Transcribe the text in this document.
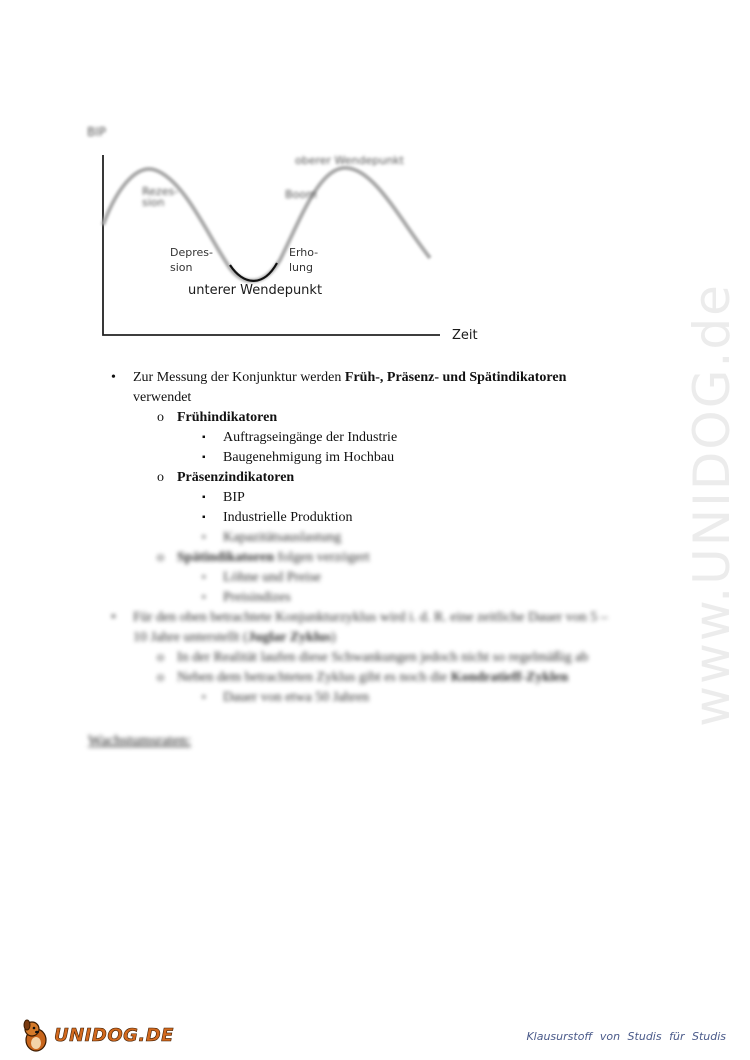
BIP
oberer Wendepunkt
Rezes-
sion
Boom
Depres-
sion
Erho-
lung
unterer Wendepunkt
Zeit
• Zur Messung der Konjunktur werden Früh-, Präsenz- und Spätindikatoren
verwendet
o Frühindikatoren
▪ Auftragseingänge der Industrie
▪ Baugenehmigung im Hochbau
o Präsenzindikatoren
▪ BIP
▪ Industrielle Produktion
▪ Kapazitätsauslastung
o Spätindikatoren folgen verzögert
▪ Löhne und Preise
▪ Preisindizes
• Für den oben betrachtete Konjunkturzyklus wird i. d. R. eine zeitliche Dauer von 5 –
10 Jahre unterstellt (Juglar Zyklus)
o In der Realität laufen diese Schwankungen jedoch nicht so regelmäßig ab
o Neben dem betrachteten Zyklus gibt es noch die Kondratieff-Zyklen
▪ Dauer von etwa 50 Jahren
Wachstumsraten:
www.UNIDOG.de
UNIDOG.DE	Klausurstoff von Studis für Studis
